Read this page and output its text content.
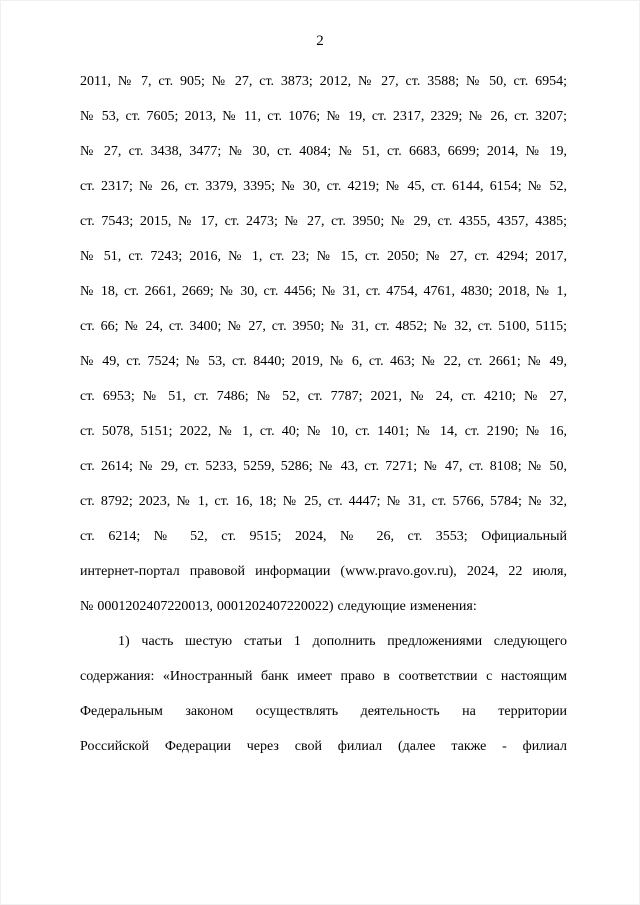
2
2011, № 7, ст. 905; № 27, ст. 3873; 2012, № 27, ст. 3588; № 50, ст. 6954;
№ 53, ст. 7605; 2013, № 11, ст. 1076; № 19, ст. 2317, 2329; № 26, ст. 3207;
№ 27, ст. 3438, 3477; № 30, ст. 4084; № 51, ст. 6683, 6699; 2014, № 19,
ст. 2317; № 26, ст. 3379, 3395; № 30, ст. 4219; № 45, ст. 6144, 6154; № 52,
ст. 7543; 2015, № 17, ст. 2473; № 27, ст. 3950; № 29, ст. 4355, 4357, 4385;
№ 51, ст. 7243; 2016, № 1, ст. 23; № 15, ст. 2050; № 27, ст. 4294; 2017,
№ 18, ст. 2661, 2669; № 30, ст. 4456; № 31, ст. 4754, 4761, 4830; 2018, № 1,
ст. 66; № 24, ст. 3400; № 27, ст. 3950; № 31, ст. 4852; № 32, ст. 5100, 5115;
№ 49, ст. 7524; № 53, ст. 8440; 2019, № 6, ст. 463; № 22, ст. 2661; № 49,
ст. 6953; № 51, ст. 7486; № 52, ст. 7787; 2021, № 24, ст. 4210; № 27,
ст. 5078, 5151; 2022, № 1, ст. 40; № 10, ст. 1401; № 14, ст. 2190; № 16,
ст. 2614; № 29, ст. 5233, 5259, 5286; № 43, ст. 7271; № 47, ст. 8108; № 50,
ст. 8792; 2023, № 1, ст. 16, 18; № 25, ст. 4447; № 31, ст. 5766, 5784; № 32,
ст. 6214; № 52, ст. 9515; 2024, № 26, ст. 3553; Официальный
интернет-портал правовой информации (www.pravo.gov.ru), 2024, 22 июля,
№ 0001202407220013, 0001202407220022) следующие изменения:
1) часть шестую статьи 1 дополнить предложениями следующего
содержания: «Иностранный банк имеет право в соответствии с настоящим
Федеральным законом осуществлять деятельность на территории
Российской Федерации через свой филиал (далее также - филиал
